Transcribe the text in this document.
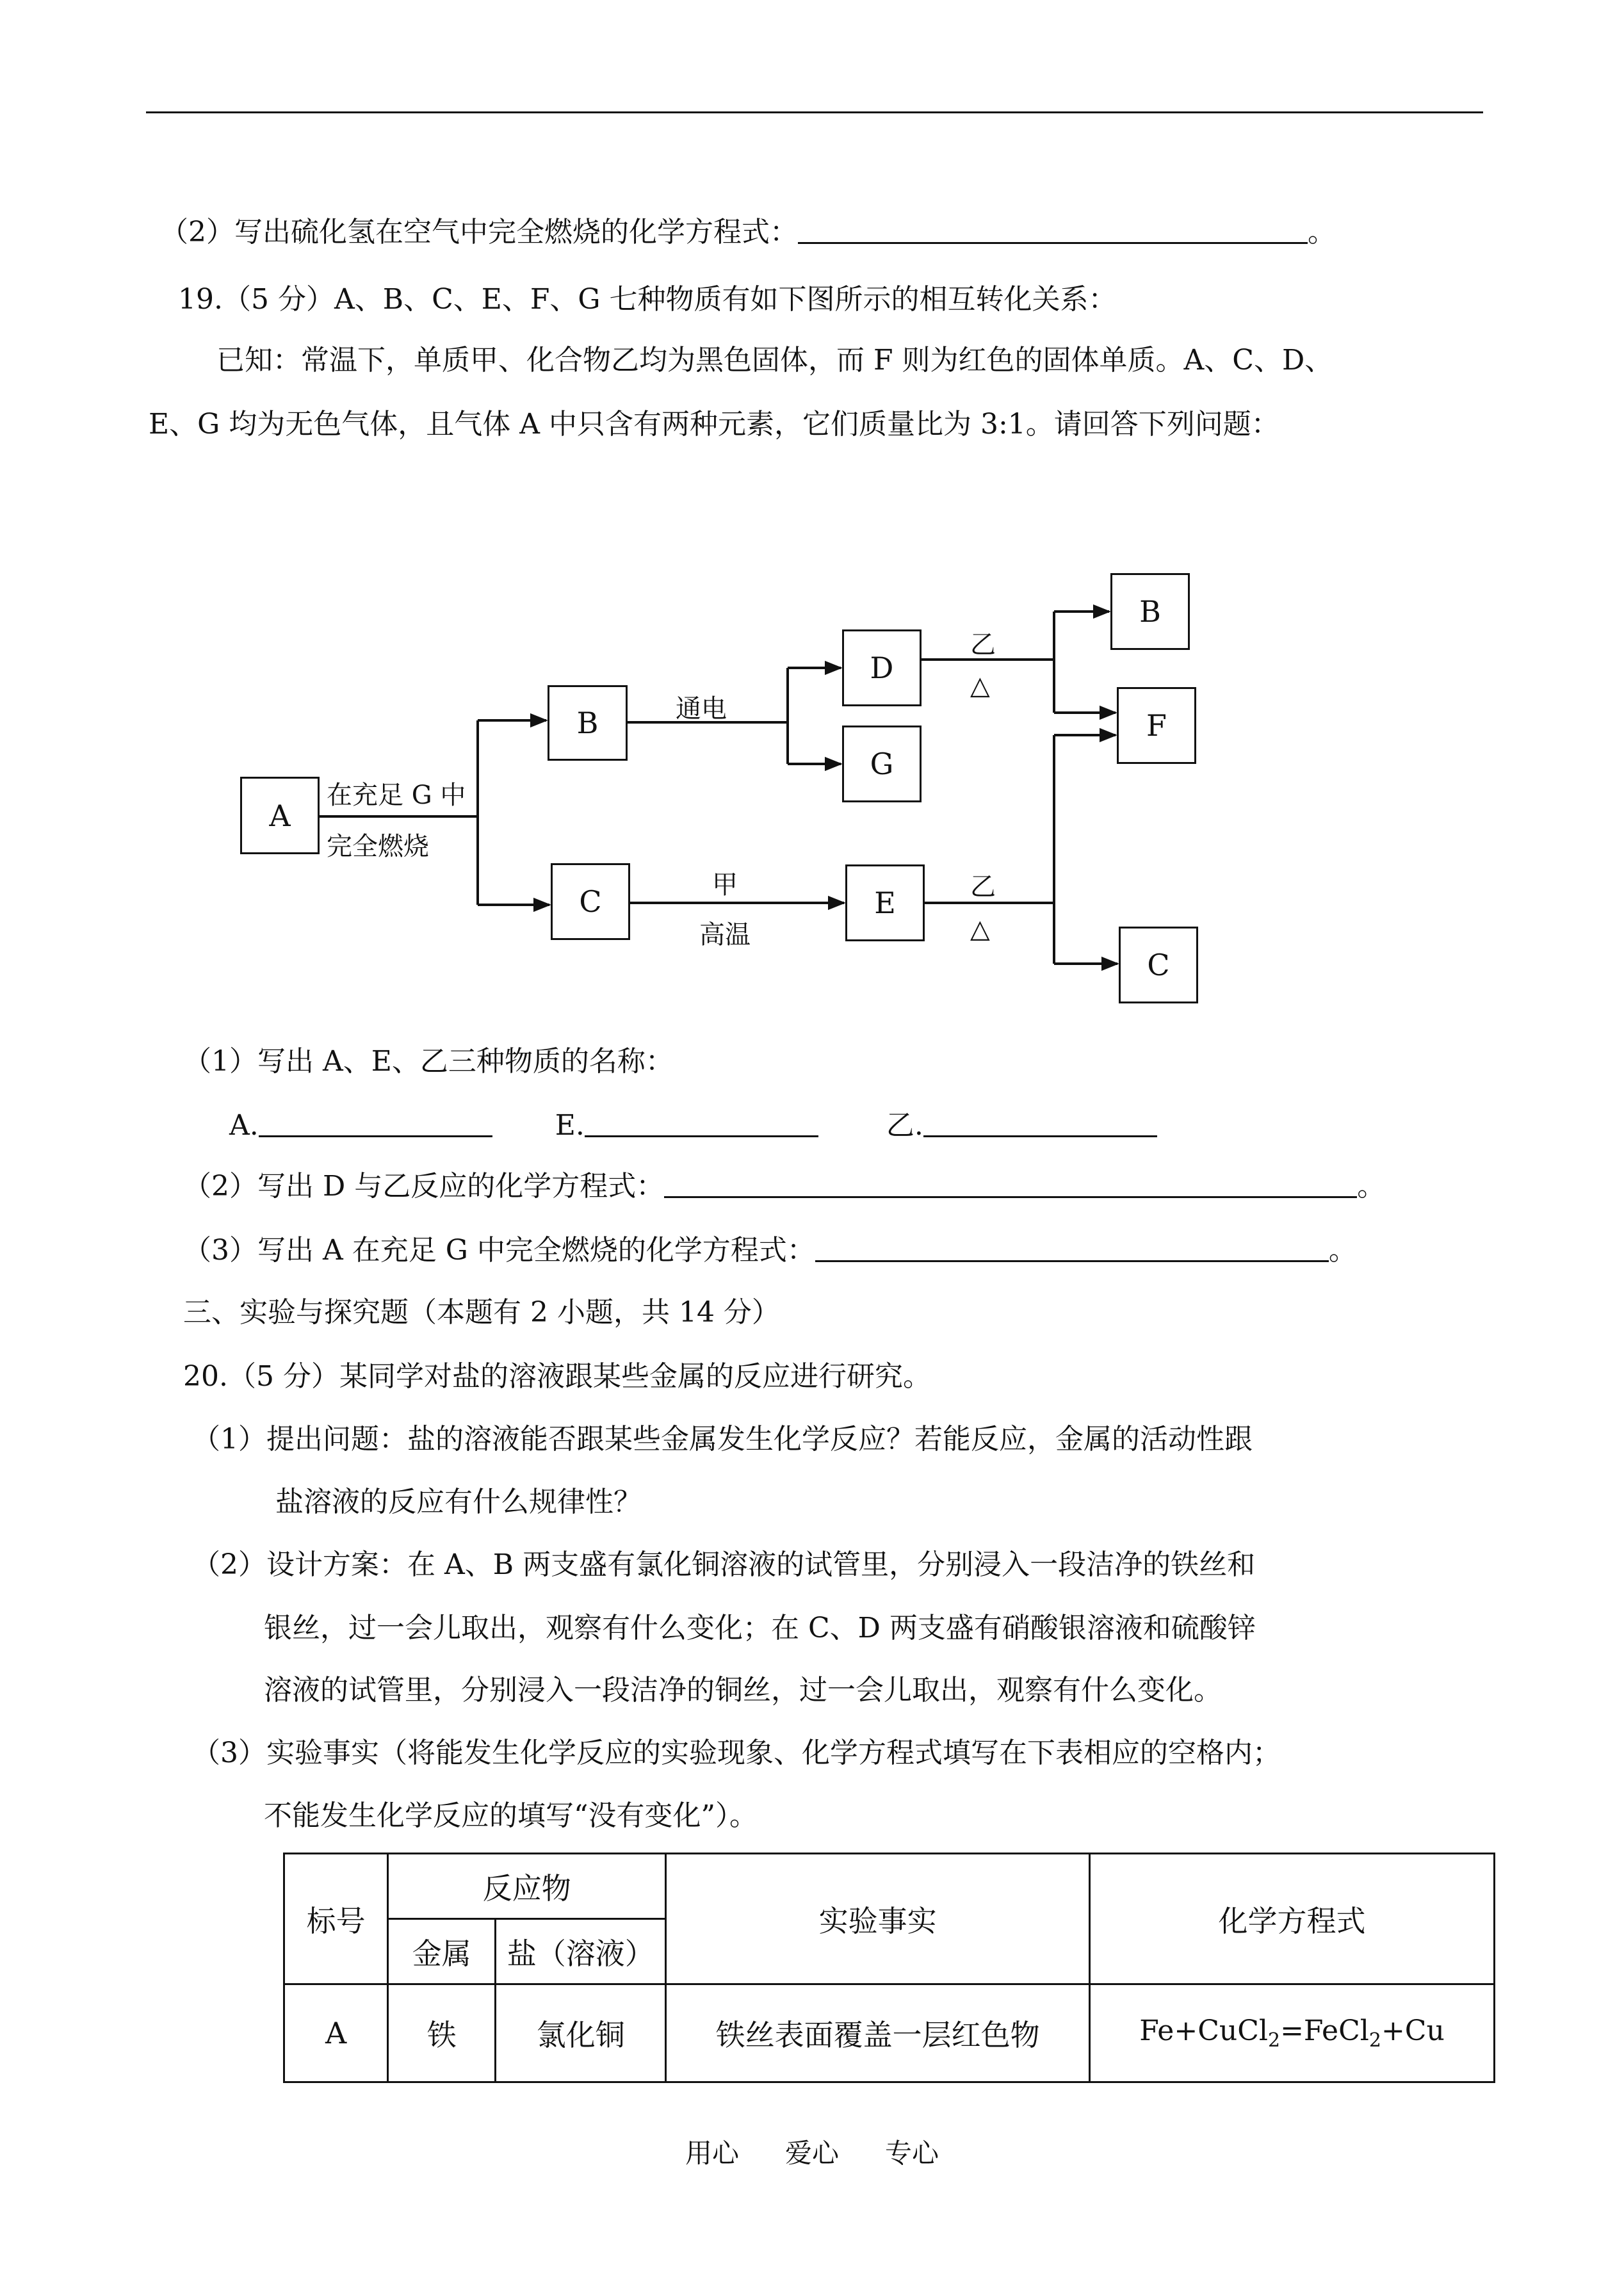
（2）写出硫化氢在空气中完全燃烧的化学方程式：	。
19.（5 分）A、B、C、E、F、G 七种物质有如下图所示的相互转化关系：
已知：常温下，单质甲、化合物乙均为黑色固体，而 F 则为红色的固体单质。A、C、D、
E、G 均为无色气体，且气体 A 中只含有两种元素，它们质量比为 3:1。请回答下列问题：
A
B
C
D
G
E
B
F
C
在充足 G 中
完全燃烧
通电
甲
高温
乙
△
乙
△
（1）写出 A、E、乙三种物质的名称：
A.	E.	乙.
（2）写出 D 与乙反应的化学方程式：	。
（3）写出 A 在充足 G 中完全燃烧的化学方程式：	。
三、实验与探究题（本题有 2 小题，共 14 分）
20.（5 分）某同学对盐的溶液跟某些金属的反应进行研究。
（1）提出问题：盐的溶液能否跟某些金属发生化学反应？若能反应，金属的活动性跟
盐溶液的反应有什么规律性？
（2）设计方案：在 A、B 两支盛有氯化铜溶液的试管里，分别浸入一段洁净的铁丝和
银丝，过一会儿取出，观察有什么变化；在 C、D 两支盛有硝酸银溶液和硫酸锌
溶液的试管里，分别浸入一段洁净的铜丝，过一会儿取出，观察有什么变化。
（3）实验事实（将能发生化学反应的实验现象、化学方程式填写在下表相应的空格内；
不能发生化学反应的填写“没有变化”）。
标号	反应物		实验事实	化学方程式
	金属	盐（溶液）		
A	铁	氯化铜	铁丝表面覆盖一层红色物	Fe+CuCl$_2$=FeCl$_2$+Cu
用心 爱心 专心
